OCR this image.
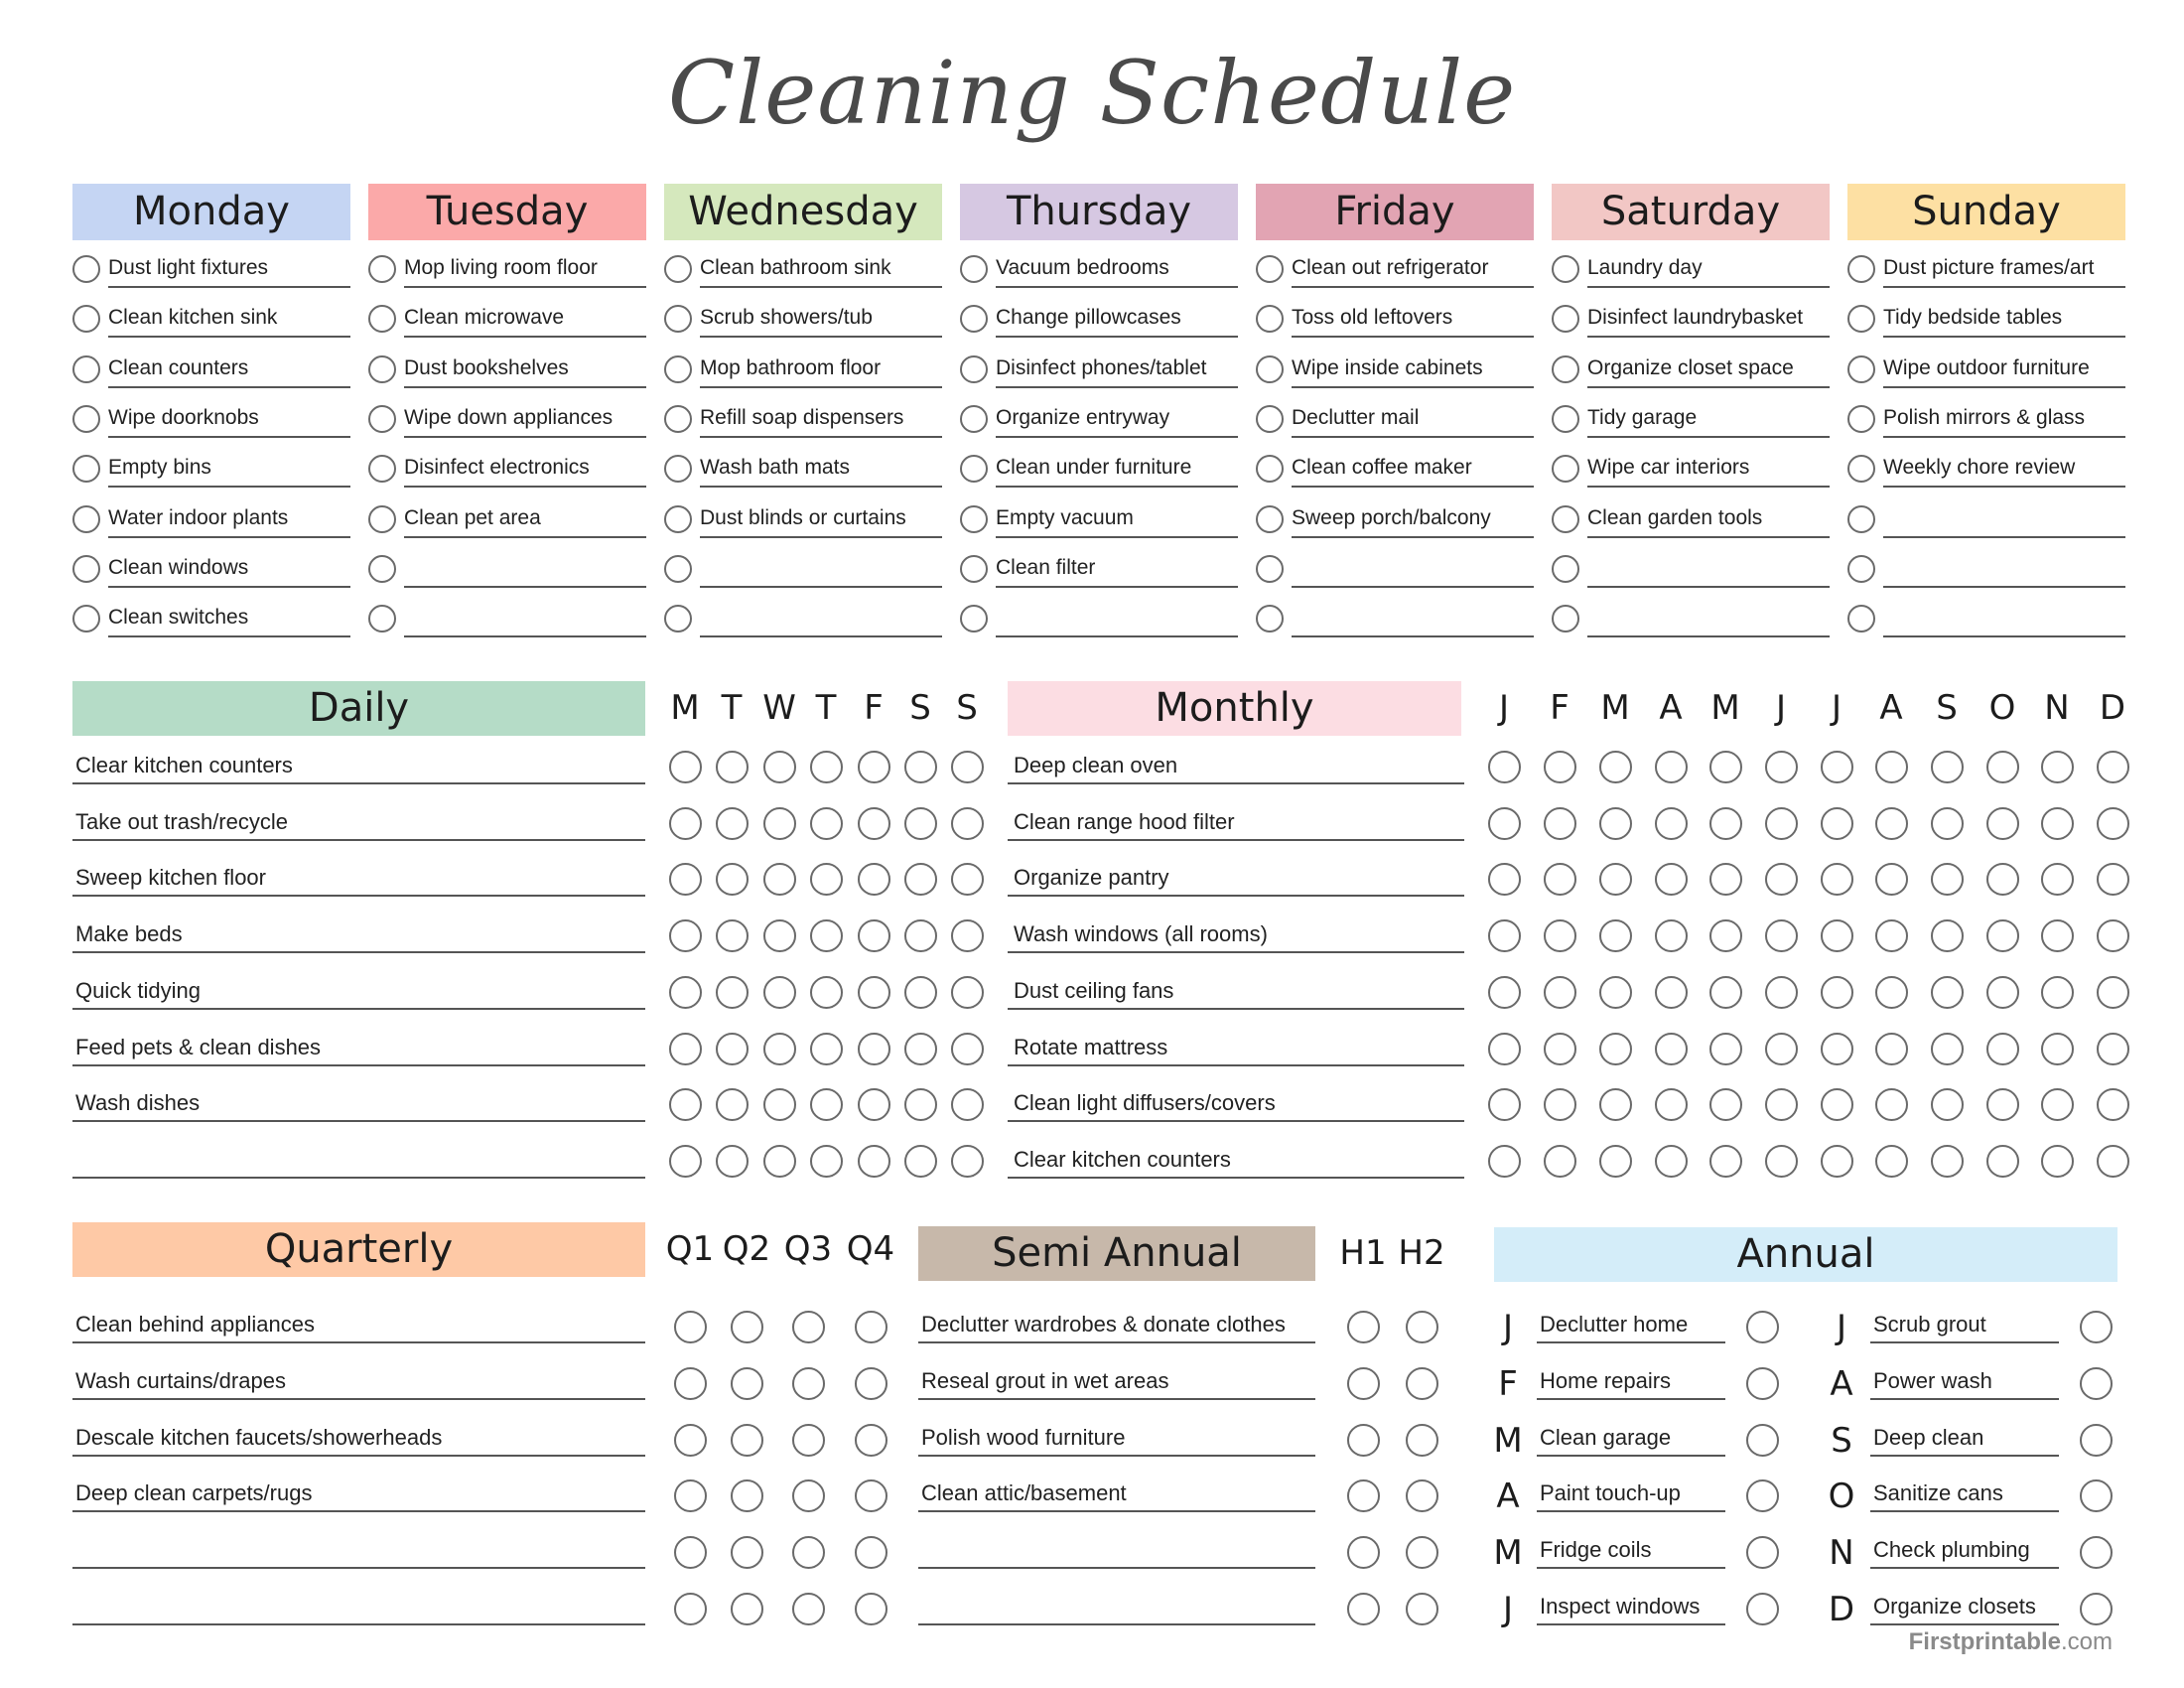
Cleaning Schedule
Firstprintable.com
Monday
Dust light fixtures
Clean kitchen sink
Clean counters
Wipe doorknobs
Empty bins
Water indoor plants
Clean windows
Clean switches
Tuesday
Mop living room floor
Clean microwave
Dust bookshelves
Wipe down appliances
Disinfect electronics
Clean pet area
Wednesday
Clean bathroom sink
Scrub showers/tub
Mop bathroom floor
Refill soap dispensers
Wash bath mats
Dust blinds or curtains
Thursday
Vacuum bedrooms
Change pillowcases
Disinfect phones/tablet
Organize entryway
Clean under furniture
Empty vacuum
Clean filter
Friday
Clean out refrigerator
Toss old leftovers
Wipe inside cabinets
Declutter mail
Clean coffee maker
Sweep porch/balcony
Saturday
Laundry day
Disinfect laundrybasket
Organize closet space
Tidy garage
Wipe car interiors
Clean garden tools
Sunday
Dust picture frames/art
Tidy bedside tables
Wipe outdoor furniture
Polish mirrors & glass
Weekly chore review
Daily	M T W T F S S
Clear kitchen counters
Take out trash/recycle
Sweep kitchen floor
Make beds
Quick tidying
Feed pets & clean dishes
Wash dishes
Monthly	J	F M A M	J	J	A S O N D
Deep clean oven
Clean range hood filter
Organize pantry
Wash windows (all rooms)
Dust ceiling fans
Rotate mattress
Clean light diffusers/covers
Clear kitchen counters
Quarterly	Q1 Q2 Q3 Q4
Clean behind appliances
Wash curtains/drapes
Descale kitchen faucets/showerheads
Deep clean carpets/rugs
Semi Annual	H1 H2
Declutter wardrobes & donate clothes
Reseal grout in wet areas
Polish wood furniture
Clean attic/basement
Annual
J	Declutter home
F	Home repairs
M Clean garage
A Paint touch-up
M Fridge coils
J	Inspect windows
J	Scrub grout
A Power wash
S Deep clean
O Sanitize cans
N Check plumbing
D Organize closets
